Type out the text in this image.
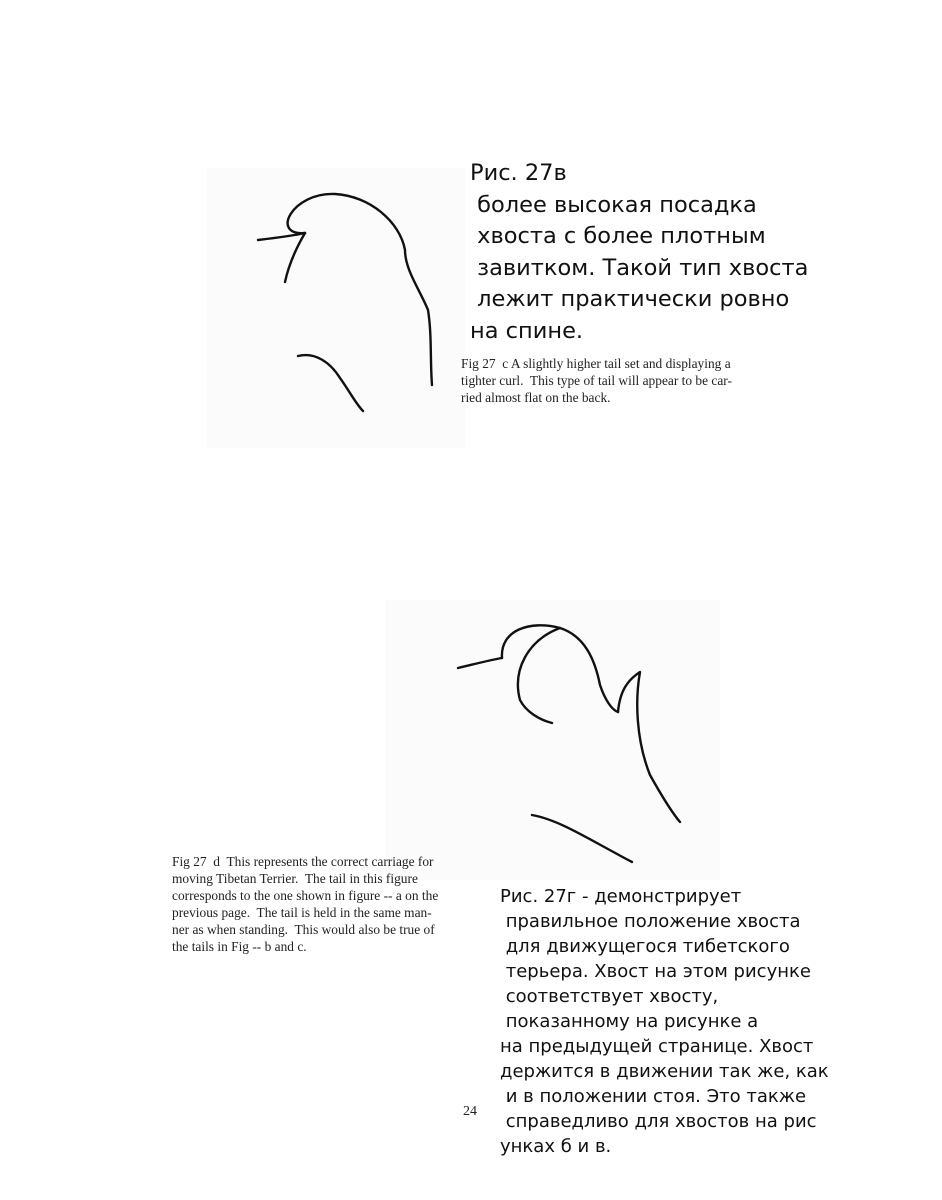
Рис. 27в
более высокая посадка
хвоста с более плотным
завитком. Такой тип хвоста
лежит практически ровно
на спине.
Fig 27  c A slightly higher tail set and displaying a
tighter curl.  This type of tail will appear to be car-
ried almost flat on the back.
Fig 27  d  This represents the correct carriage for
moving Tibetan Terrier.  The tail in this figure
corresponds to the one shown in figure -- a on the
previous page.  The tail is held in the same man-
ner as when standing.  This would also be true of
the tails in Fig -- b and c.
Рис. 27г - демонстрирует
правильное положение хвоста
для движущегося тибетского
терьера. Хвост на этом рисунке
соответствует хвосту,
показанному на рисунке а
на предыдущей странице. Хвост
держится в движении так же, как
и в положении стоя. Это также
справедливо для хвостов на рис
унках б и в.
24
